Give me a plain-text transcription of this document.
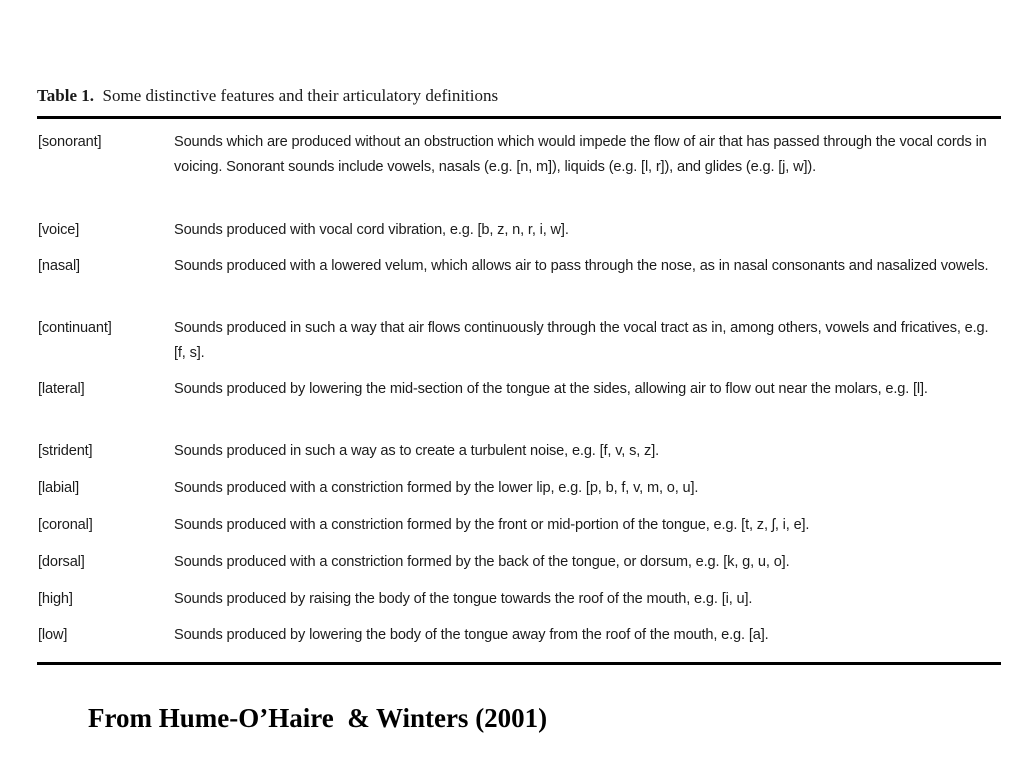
Table 1. Some distinctive features and their articulatory definitions
[sonorant]	Sounds which are produced without an obstruction which would impede the flow of air that has passed through the vocal cords in voicing. Sonorant sounds include vowels, nasals (e.g. [n, m]), liquids (e.g. [l, r]), and glides (e.g. [j, w]).
[voice]	Sounds produced with vocal cord vibration, e.g. [b, z, n, r, i, w].
[nasal]	Sounds produced with a lowered velum, which allows air to pass through the nose, as in nasal consonants and nasalized vowels.
[continuant]	Sounds produced in such a way that air flows continuously through the vocal tract as in, among others, vowels and fricatives, e.g. [f, s].
[lateral]	Sounds produced by lowering the mid-section of the tongue at the sides, allowing air to flow out near the molars, e.g. [l].
[strident]	Sounds produced in such a way as to create a turbulent noise, e.g. [f, v, s, z].
[labial]	Sounds produced with a constriction formed by the lower lip, e.g. [p, b, f, v, m, o, u].
[coronal]	Sounds produced with a constriction formed by the front or mid-portion of the tongue, e.g. [t, z, ʃ, i, e].
[dorsal]	Sounds produced with a constriction formed by the back of the tongue, or dorsum, e.g. [k, g, u, o].
[high]	Sounds produced by raising the body of the tongue towards the roof of the mouth, e.g. [i, u].
[low]	Sounds produced by lowering the body of the tongue away from the roof of the mouth, e.g. [a].
From Hume-O’Haire  & Winters (2001)
